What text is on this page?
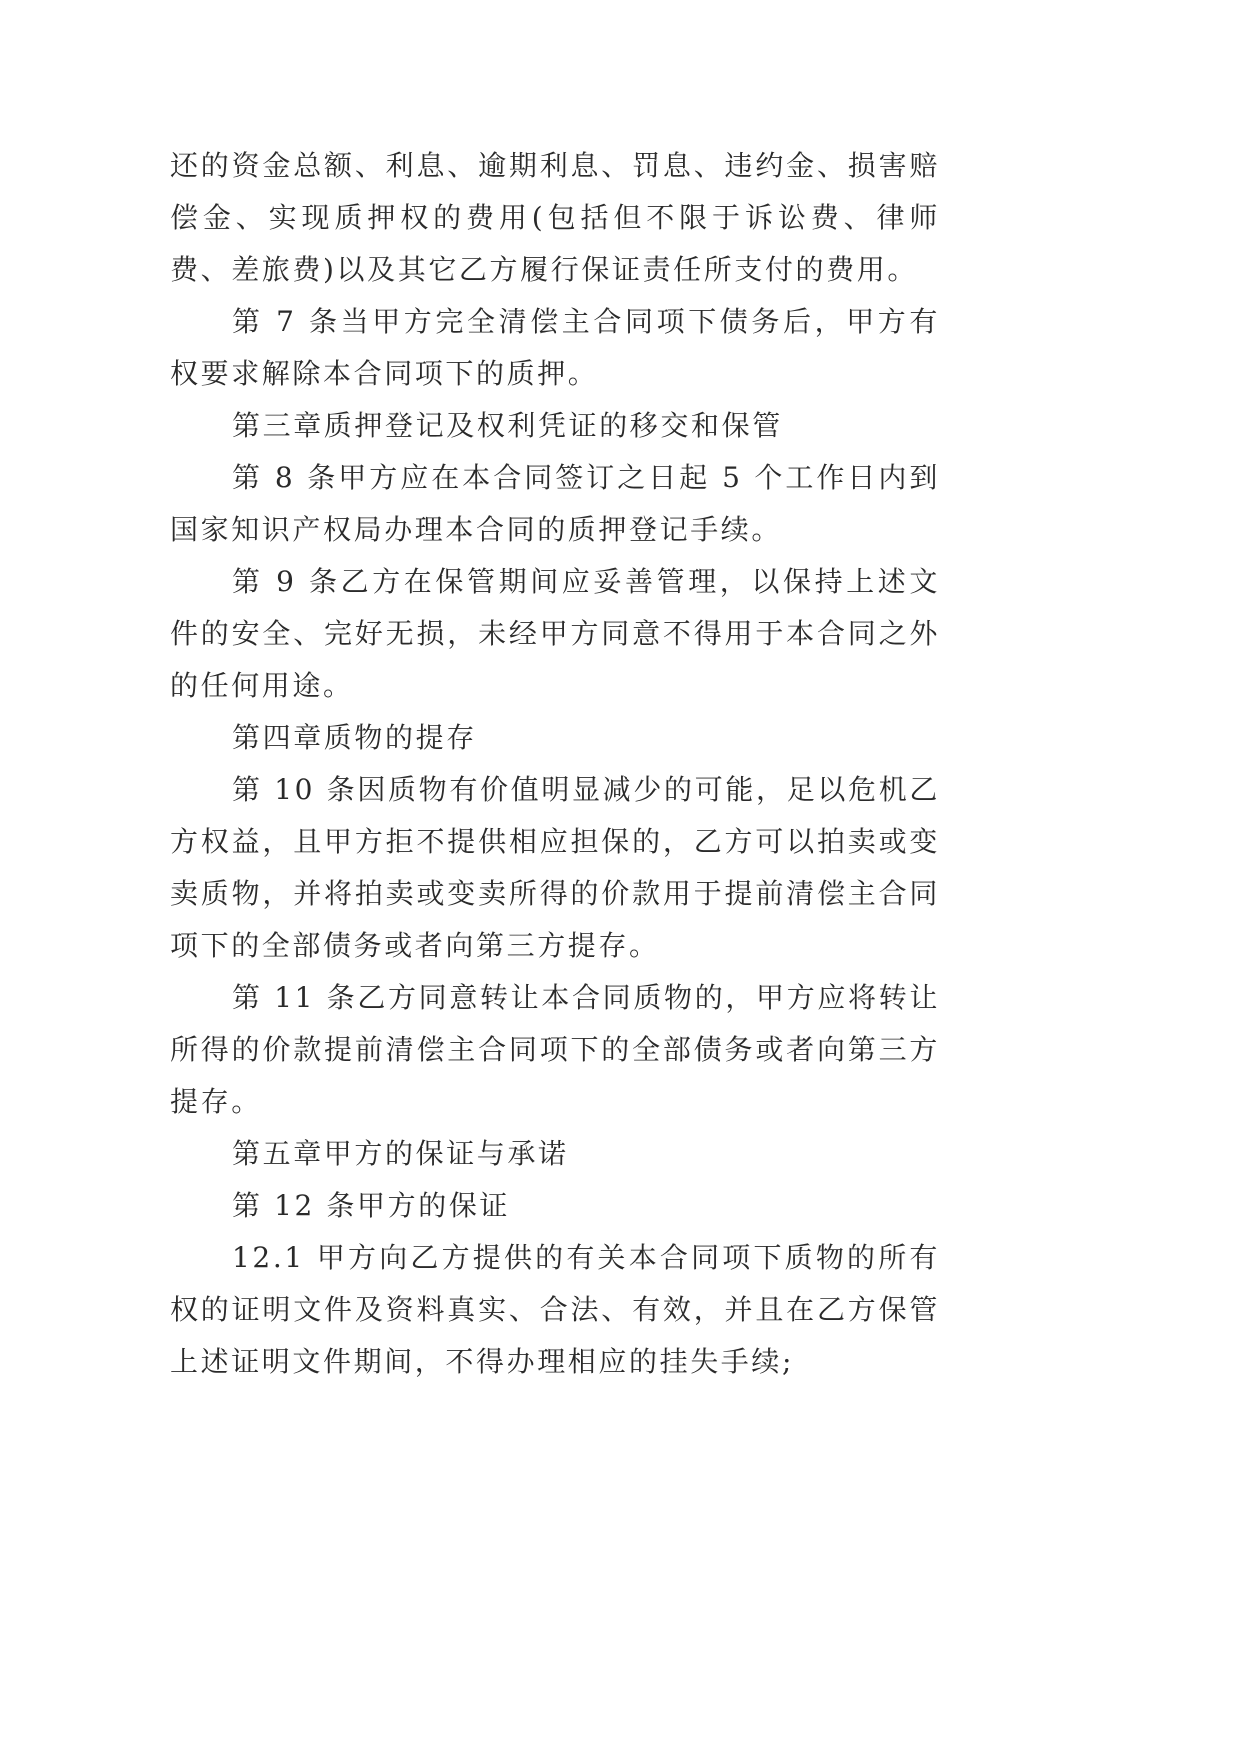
还的资金总额、利息、逾期利息、罚息、违约金、损害赔偿金、实现质押权的费用(包括但不限于诉讼费、律师费、差旅费)以及其它乙方履行保证责任所支付的费用。

第 7 条当甲方完全清偿主合同项下债务后，甲方有权要求解除本合同项下的质押。

第三章质押登记及权利凭证的移交和保管

第 8 条甲方应在本合同签订之日起 5 个工作日内到国家知识产权局办理本合同的质押登记手续。

第 9 条乙方在保管期间应妥善管理，以保持上述文件的安全、完好无损，未经甲方同意不得用于本合同之外的任何用途。

第四章质物的提存

第 10 条因质物有价值明显减少的可能，足以危机乙方权益，且甲方拒不提供相应担保的，乙方可以拍卖或变卖质物，并将拍卖或变卖所得的价款用于提前清偿主合同项下的全部债务或者向第三方提存。

第 11 条乙方同意转让本合同质物的，甲方应将转让所得的价款提前清偿主合同项下的全部债务或者向第三方提存。

第五章甲方的保证与承诺

第 12 条甲方的保证

12.1 甲方向乙方提供的有关本合同项下质物的所有权的证明文件及资料真实、合法、有效，并且在乙方保管上述证明文件期间，不得办理相应的挂失手续;
